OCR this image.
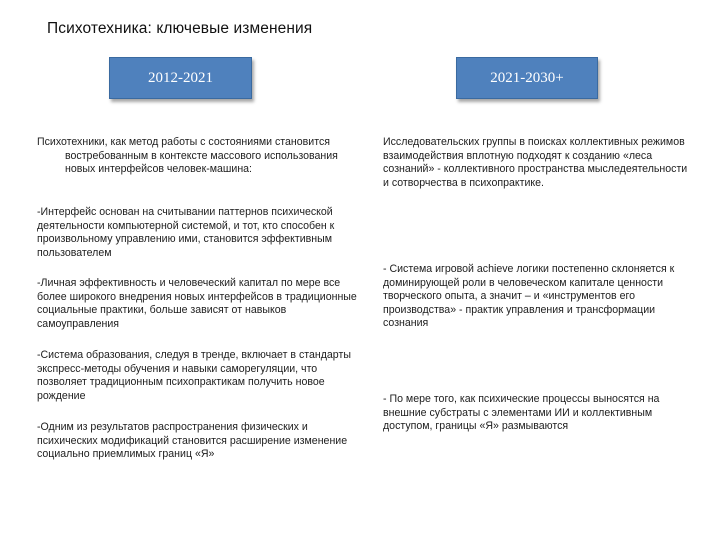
Психотехника: ключевые изменения
2012-2021	2021-2030+

Психотехники, как метод работы с состояниями становится востребованным в контексте массового использования новых интерфейсов человек-машина:

-Интерфейс основан на считывании паттернов психической деятельности компьютерной системой, и тот, кто способен к произвольному управлению ими, становится эффективным пользователем

-Личная эффективность и человеческий капитал по мере все более широкого внедрения новых интерфейсов в традиционные социальные практики, больше зависят от навыков самоуправления

-Система образования, следуя в тренде, включает в стандарты экспресс-методы обучения и навыки саморегуляции, что позволяет традиционным психопрактикам получить новое рождение

-Одним из результатов распространения физических и психических модификаций становится расширение изменение социально приемлимых границ «Я»

Исследовательских группы в поисках коллективных режимов взаимодействия вплотную подходят к созданию «леса сознаний» - коллективного пространства мыследеятельности и сотворчества в психопрактике.

- Система игровой achieve логики постепенно склоняется к доминирующей роли в человеческом капитале ценности творческого опыта, а значит – и «инструментов его производства» - практик управления и трансформации сознания

- По мере того, как психические процессы выносятся на внешние субстраты с элементами ИИ и коллективным доступом, границы «Я» размываются
